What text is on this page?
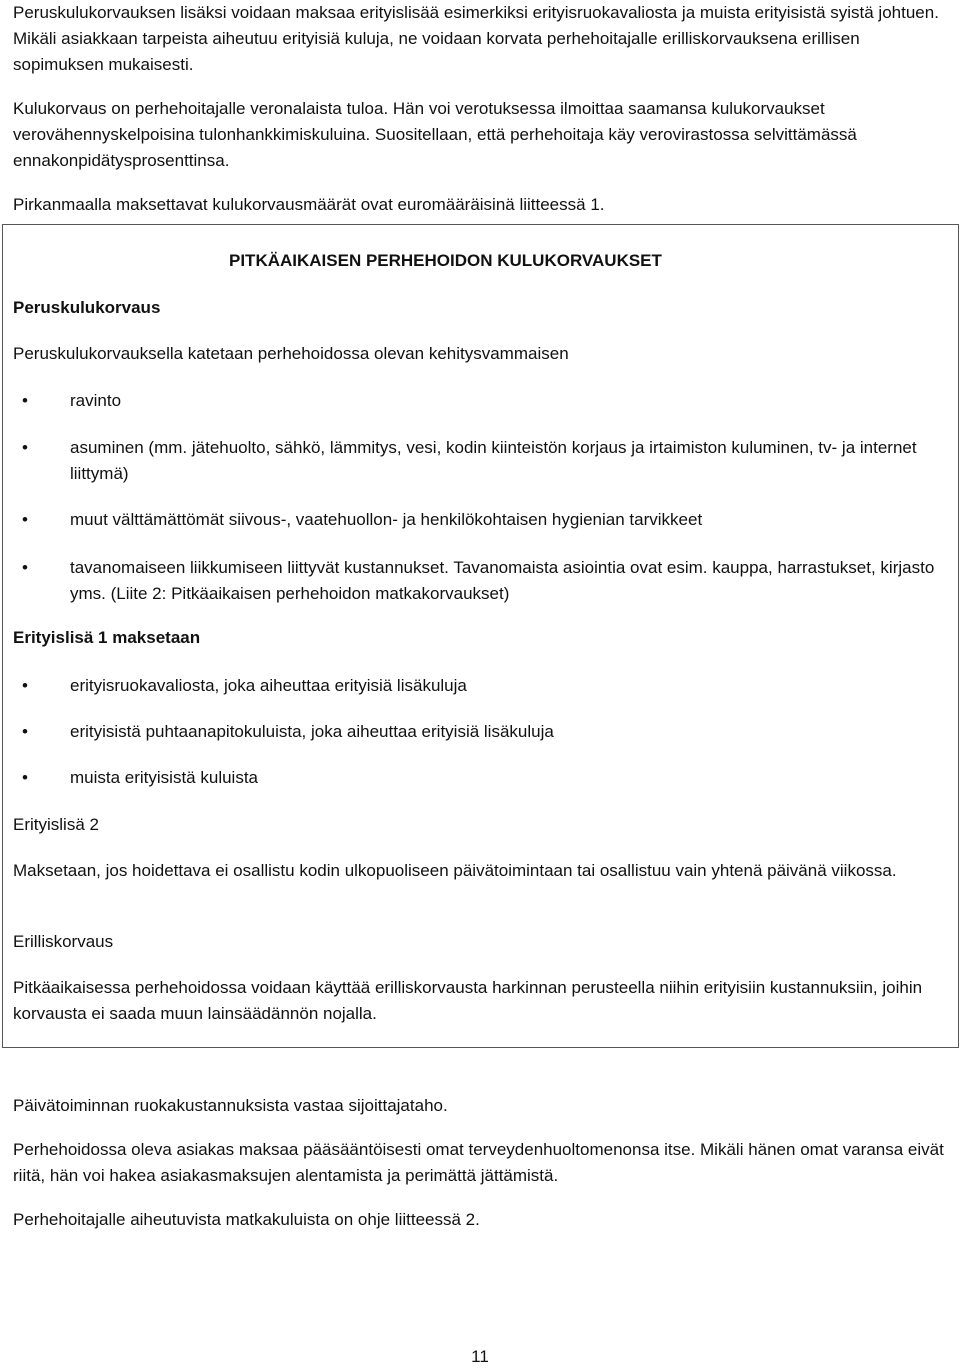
Peruskulukorvauksen lisäksi voidaan maksaa erityislisää esimerkiksi erityisruokavaliosta ja muista erityisistä syistä johtuen. Mikäli asiakkaan tarpeista aiheutuu erityisiä kuluja, ne voidaan korvata perhehoitajalle erilliskorvauksena erillisen sopimuksen mukaisesti.

Kulukorvaus on perhehoitajalle veronalaista tuloa. Hän voi verotuksessa ilmoittaa saamansa kulukorvaukset verovähennyskelpoisina tulonhankkimiskuluina. Suositellaan, että perhehoitaja käy verovirastossa selvittämässä ennakonpidätysprosenttinsa.

Pirkanmaalla maksettavat kulukorvausmäärät ovat euromääräisinä liitteessä 1.

PITKÄAIKAISEN PERHEHOIDON KULUKORVAUKSET
Peruskulukorvaus
Peruskulukorvauksella katetaan perhehoidossa olevan kehitysvammaisen
• ravinto
• asuminen (mm. jätehuolto, sähkö, lämmitys, vesi, kodin kiinteistön korjaus ja irtaimiston kuluminen, tv- ja internet liittymä)
• muut välttämättömät siivous-, vaatehuollon- ja henkilökohtaisen hygienian tarvikkeet
• tavanomaiseen liikkumiseen liittyvät kustannukset. Tavanomaista asiointia ovat esim. kauppa, harrastukset, kirjasto yms. (Liite 2: Pitkäaikaisen perhehoidon matkakorvaukset)
Erityislisä 1 maksetaan
• erityisruokavaliosta, joka aiheuttaa erityisiä lisäkuluja
• erityisistä puhtaanapitokuluista, joka aiheuttaa erityisiä lisäkuluja
• muista erityisistä kuluista
Erityislisä 2
Maksetaan, jos hoidettava ei osallistu kodin ulkopuoliseen päivätoimintaan tai osallistuu vain yhtenä päivänä viikossa.
Erilliskorvaus
Pitkäaikaisessa perhehoidossa voidaan käyttää erilliskorvausta harkinnan perusteella niihin erityisiin kustannuksiin, joihin korvausta ei saada muun lainsäädännön nojalla.

Päivätoiminnan ruokakustannuksista vastaa sijoittajataho.

Perhehoidossa oleva asiakas maksaa pääsääntöisesti omat terveydenhuoltomenonsa itse. Mikäli hänen omat varansa eivät riitä, hän voi hakea asiakasmaksujen alentamista ja perimättä jättämistä.

Perhehoitajalle aiheutuvista matkakuluista on ohje liitteessä 2.

11
